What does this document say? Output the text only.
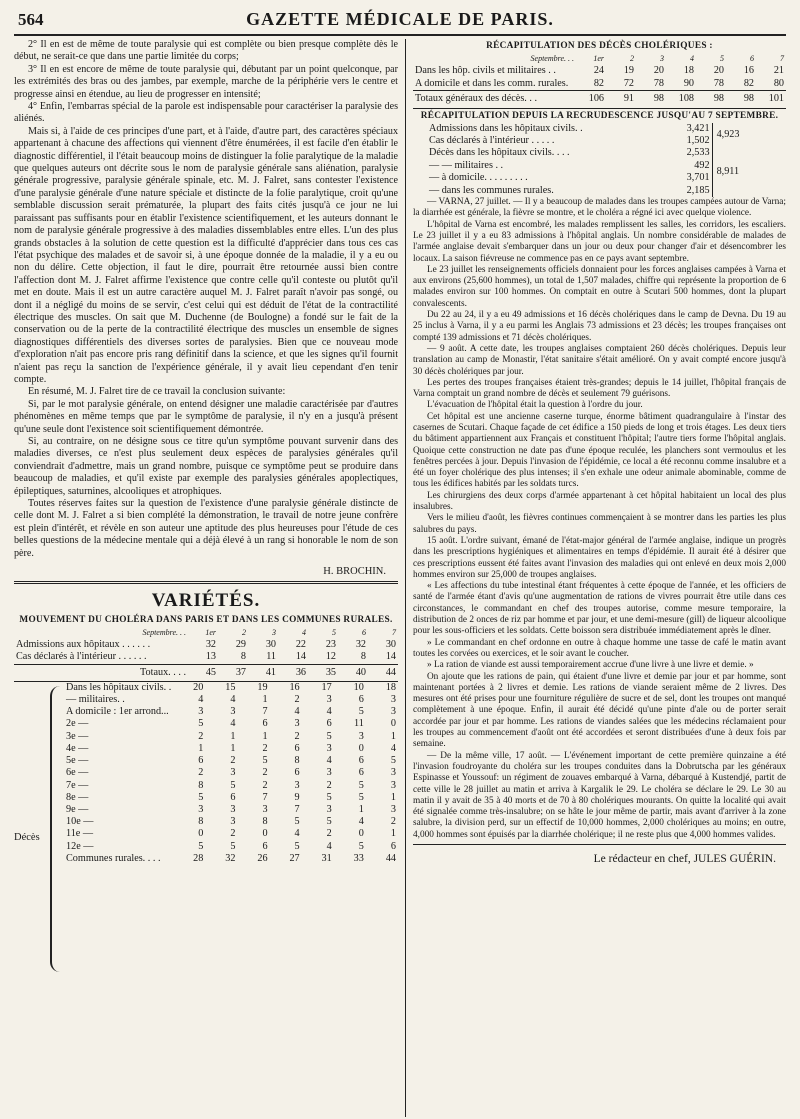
564	GAZETTE MÉDICALE DE PARIS.

2° Il en est de même de toute paralysie qui est complète ou bien presque complète dès le début, ne serait-ce que dans une partie limitée du corps;

3° Il en est encore de même de toute paralysie qui, débutant par un point quelconque, par les extrémités des bras ou des jambes, par exemple, marche de la périphérie vers le centre et progresse ainsi en étendue, au lieu de progresser en intensité;

4° Enfin, l'embarras spécial de la parole est indispensable pour caractériser la paralysie des aliénés.

Mais si, à l'aide de ces principes d'une part, et à l'aide, d'autre part, des caractères spéciaux appartenant à chacune des affections qui viennent d'être énumérées, il est facile d'en établir le diagnostic différentiel, il l'était beaucoup moins de distinguer la folie paralytique de la maladie que quelques auteurs ont décrite sous le nom de paralysie générale sans aliénation, paralysie générale progressive, paralysie générale spinale, etc. M. J. Falret, sans contester l'existence d'une paralysie générale d'une nature spéciale et distincte de la folie paralytique, croit qu'une semblable discussion serait prématurée, la plupart des faits cités jusqu'à ce jour ne lui paraissant pas suffisants pour en établir l'existence scientifiquement, et les auteurs donnant le nom de paralysie générale progressive à des maladies dissemblables entre elles. L'un des plus grands obstacles à la solution de cette question est la difficulté d'apprécier dans tous ces cas l'état psychique des malades et de savoir si, à une époque donnée de la maladie, il y a eu ou non du délire. Cette objection, il faut le dire, pourrait être retournée aussi bien contre l'affection dont M. J. Falret affirme l'existence que contre celle qu'il conteste ou plutôt qu'il met en doute. Mais il est un autre caractère auquel M. J. Falret paraît n'avoir pas songé, ou dont il a négligé du moins de se servir, c'est celui qui est déduit de l'état de la contractilité électrique des muscles. On sait que M. Duchenne (de Boulogne) a fondé sur le fait de la conservation ou de la perte de la contractilité électrique des muscles un ensemble de signes diagnostiques différentiels des diverses sortes de paralysies. Bien que ce nouveau mode d'exploration n'ait pas encore pris rang définitif dans la science, et que les signes qu'il fournit n'aient pas reçu la sanction de l'expérience générale, il y avait lieu cependant d'en tenir compte.

En résumé, M. J. Falret tire de ce travail la conclusion suivante:

Si, par le mot paralysie générale, on entend désigner une maladie caractérisée par d'autres phénomènes en même temps que par le symptôme de paralysie, il n'y en a jusqu'à présent qu'une seule dont l'existence soit scientifiquement démontrée.

Si, au contraire, on ne désigne sous ce titre qu'un symptôme pouvant survenir dans des maladies diverses, ce n'est plus seulement deux espèces de paralysies générales qu'il conviendrait d'admettre, mais un grand nombre, puisque ce symptôme peut se produire dans beaucoup de maladies, et qu'il existe par exemple des paralysies générales apoplectiques, épileptiques, saturnines, alcooliques et atrophiques.

Toutes réserves faites sur la question de l'existence d'une paralysie générale distincte de celle dont M. J. Falret a si bien complété la démonstration, le travail de notre jeune confrère est plein d'intérêt, et révèle en son auteur une aptitude des plus heureuses pour l'étude de ces belles questions de la médecine mentale qui a déjà élevé à un rang si honorable le nom de son père.

H. BROCHIN.
VARIÉTÉS.
MOUVEMENT DU CHOLÉRA DANS PARIS ET DANS LES COMMUNES RURALES.
Septembre. . .	1er	2	3	4	5	6	7
Admissions aux hôpitaux . . . . . .	32	29	30	22	23	32	30
Cas déclarés à l'intérieur . . . . . .	13	8	11	14	12	8	14
Totaux. . . .	45	37	41	36	35	40	44
Décès
Dans les hôpitaux civils. .	20	15	19	16	17	10	18
— militaires. .	4	4	1	2	3	6	3
A domicile : 1er arrond...	3	3	7	4	4	5	3
2e —	5	4	6	3	6	11	0
3e —	2	1	1	2	5	3	1
4e —	1	1	2	6	3	0	4
5e —	6	2	5	8	4	6	5
6e —	2	3	2	6	3	6	3
7e —	8	5	2	3	2	5	3
8e —	5	6	7	9	5	5	1
9e —	3	3	3	7	3	1	3
10e —	8	3	8	5	5	4	2
11e —	0	2	0	4	2	0	1
12e —	5	5	6	5	4	5	6
Communes rurales. . . .	28	32	26	27	31	33	44
RÉCAPITULATION DES DÉCÈS CHOLÉRIQUES :
Septembre. . .	1er	2	3	4	5	6	7
Dans les hôp. civils et militaires . .	24	19	20	18	20	16	21
A domicile et dans les comm. rurales.	82	72	78	90	78	82	80
Totaux généraux des décès. . .	106	91	98	108	98	98	101
RÉCAPITULATION DEPUIS LA RECRUDESCENCE JUSQU'AU 7 SEPTEMBRE.
Admissions dans les hôpitaux civils. .	3,421	4,923
Cas déclarés à l'intérieur . . . . .	1,502	
Décès dans les hôpitaux civils. . . .	2,533	8,911
— — militaires . .	492	
— à domicile. . . . . . . . .	3,701	
— dans les communes rurales.	2,185	

— VARNA, 27 juillet. — Il y a beaucoup de malades dans les troupes campées autour de Varna; la diarrhée est générale, la fièvre se montre, et le choléra a régné ici avec quelque violence.

L'hôpital de Varna est encombré, les malades remplissent les salles, les corridors, les escaliers. Le 23 juillet il y a eu 83 admissions à l'hôpital anglais. Un nombre considérable de malades de l'armée anglaise devait s'embarquer dans un jour ou deux pour changer d'air et désencombrer les locaux. La saison fiévreuse ne commence pas en ce pays avant septembre.

Le 23 juillet les renseignements officiels donnaient pour les forces anglaises campées à Varna et aux environs (25,600 hommes), un total de 1,507 malades, chiffre qui représente la proportion de 6 malades environ sur 100 hommes. On comptait en outre à Scutari 500 hommes, dont la plupart convalescents.

Du 22 au 24, il y a eu 49 admissions et 16 décès cholériques dans le camp de Devna. Du 19 au 25 inclus à Varna, il y a eu parmi les Anglais 73 admissions et 23 décès; les troupes françaises ont compté 139 admissions et 71 décès cholériques.

— 9 août. A cette date, les troupes anglaises comptaient 260 décès cholériques. Depuis leur translation au camp de Monastir, l'état sanitaire s'était amélioré. On y avait compté encore jusqu'à 30 décès cholériques par jour.

Les pertes des troupes françaises étaient très-grandes; depuis le 14 juillet, l'hôpital français de Varna comptait un grand nombre de décès et seulement 79 guérisons.

L'évacuation de l'hôpital était la question à l'ordre du jour.

Cet hôpital est une ancienne caserne turque, énorme bâtiment quadrangulaire à l'instar des casernes de Scutari. Chaque façade de cet édifice a 150 pieds de long et trois étages. Les deux tiers du bâtiment appartiennent aux Français et constituent l'hôpital; l'autre tiers forme l'hôpital anglais. Quoique cette construction ne date pas d'une époque reculée, les planchers sont vermoulus et les fenêtres percées à jour. Depuis l'invasion de l'épidémie, ce local a été reconnu comme insalubre et a été un foyer cholérique des plus intenses; il s'en exhale une odeur animale abominable, comme de tous les édifices habités par les soldats turcs.

Les chirurgiens des deux corps d'armée appartenant à cet hôpital habitaient un local des plus insalubres.

Vers le milieu d'août, les fièvres continues commençaient à se montrer dans les parties les plus salubres du pays.

15 août. L'ordre suivant, émané de l'état-major général de l'armée anglaise, indique un progrès dans les prescriptions hygiéniques et alimentaires en temps d'épidémie. Il aurait été à désirer que ces prescriptions eussent été faites avant l'invasion des maladies qui ont enlevé en deux mois 2,000 hommes environ sur 25,000 de troupes anglaises.

« Les affections du tube intestinal étant fréquentes à cette époque de l'année, et les officiers de santé de l'armée étant d'avis qu'une augmentation de rations de vivres pourrait être utile dans ces circonstances, le commandant en chef des troupes autorise, comme mesure temporaire, la distribution de 2 onces de riz par homme et par jour, et une demi-mesure (gill) de liqueur alcoolique pour les sous-officiers et les soldats. Cette boisson sera distribuée immédiatement après le dîner.

» Le commandant en chef ordonne en outre à chaque homme une tasse de café le matin avant toutes les corvées ou exercices, et le soir avant le coucher.

» La ration de viande est aussi temporairement accrue d'une livre à une livre et demie. »

On ajoute que les rations de pain, qui étaient d'une livre et demie par jour et par homme, sont maintenant portées à 2 livres et demie. Les rations de viande seraient même de 2 livres. Des mesures ont été prises pour une fourniture régulière de sucre et de sel, dont les troupes ont manqué complètement à une époque. Enfin, il aurait été décidé qu'une pinte d'ale ou de porter serait accordée par jour et par homme. Les rations de viandes salées que les médecins réclamaient pour les troupes au commencement d'août ont été accordées et seront distribuées d'une à deux fois par semaine.

— De la même ville, 17 août. — L'événement important de cette première quinzaine a été l'invasion foudroyante du choléra sur les troupes conduites dans la Dobrutscha par les généraux Espinasse et Youssouf: un régiment de zouaves embarqué à Varna, débarqué à Kustendjé, partit de cette ville le 28 juillet au matin et arriva à Kargalik le 29. Le choléra se déclare le 29. Le 30 au matin il y avait de 35 à 40 morts et de 70 à 80 cholériques mourants. On quitte la localité qui avait été signalée comme très-insalubre; on se hâte le jour même de partir, mais avant d'arriver à la zone salubre, la division perd, sur un effectif de 10,000 hommes, 2,000 cholériques au moins; en outre, 4,000 hommes sont épuisés par la diarrhée cholérique; il ne reste plus que 4,000 hommes valides.

Le rédacteur en chef, JULES GUÉRIN.
